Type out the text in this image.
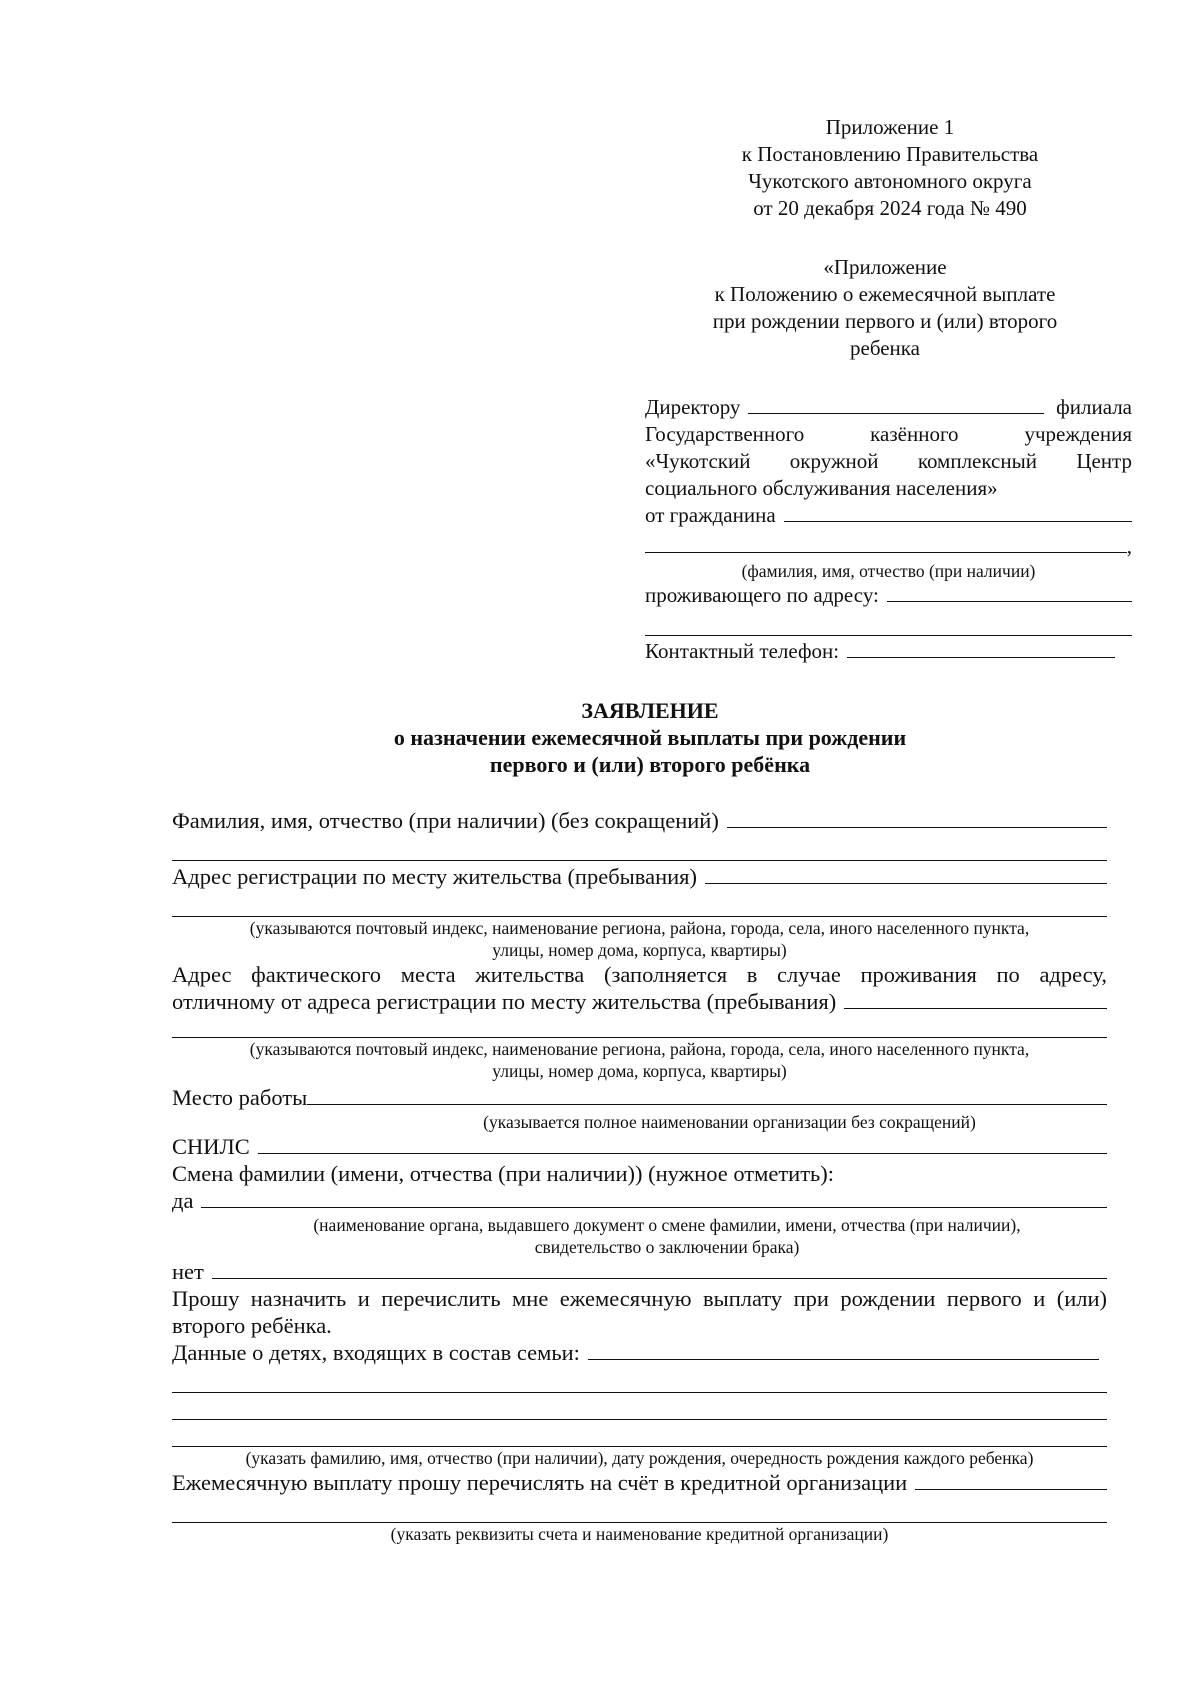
Приложение 1
к Постановлению Правительства
Чукотского автономного округа
от 20 декабря 2024 года № 490
«Приложение
к Положению о ежемесячной выплате
при рождении первого и (или) второго
ребенка
Директору	филиала
Государственного казённого учреждения
«Чукотский окружной комплексный Центр
социального обслуживания населения»
от гражданина
,
(фамилия, имя, отчество (при наличии)
проживающего по адресу:
Контактный телефон:
ЗАЯВЛЕНИЕ
о назначении ежемесячной выплаты при рождении
первого и (или) второго ребёнка
Фамилия, имя, отчество (при наличии) (без сокращений)
Адрес регистрации по месту жительства (пребывания)
(указываются почтовый индекс, наименование региона, района, города, села, иного населенного пункта,
улицы, номер дома, корпуса, квартиры)
Адрес фактического места жительства (заполняется в случае проживания по адресу,
отличному от адреса регистрации по месту жительства (пребывания)
(указываются почтовый индекс, наименование региона, района, города, села, иного населенного пункта,
улицы, номер дома, корпуса, квартиры)
Место работы
(указывается полное наименовании организации без сокращений)
СНИЛС
Смена фамилии (имени, отчества (при наличии)) (нужное отметить):
да
(наименование органа, выдавшего документ о смене фамилии, имени, отчества (при наличии),
свидетельство о заключении брака)
нет
Прошу назначить и перечислить мне ежемесячную выплату при рождении первого и (или)
второго ребёнка.
Данные о детях, входящих в состав семьи:
(указать фамилию, имя, отчество (при наличии), дату рождения, очередность рождения каждого ребенка)
Ежемесячную выплату прошу перечислять на счёт в кредитной организации
(указать реквизиты счета и наименование кредитной организации)
